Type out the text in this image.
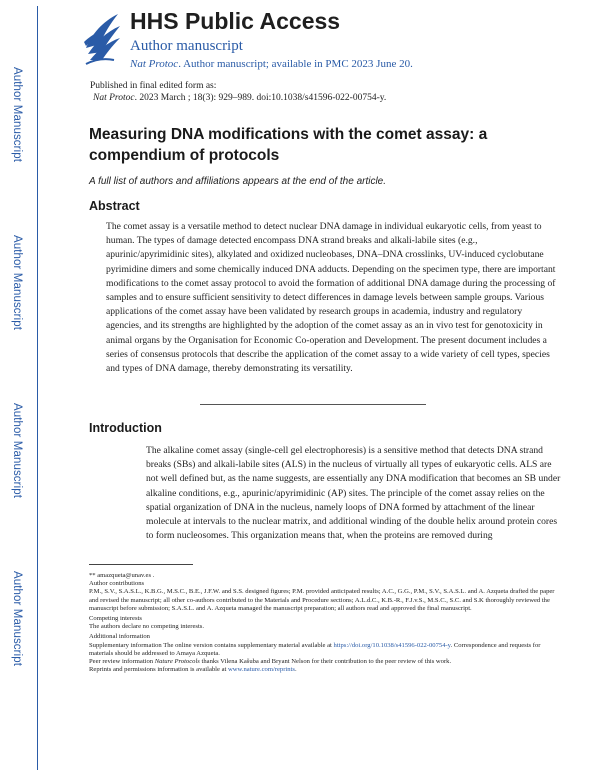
Author Manuscript
Author Manuscript
Author Manuscript
Author Manuscript
HHS Public Access
Author manuscript
Nat Protoc. Author manuscript; available in PMC 2023 June 20.
Published in final edited form as:
Nat Protoc. 2023 March ; 18(3): 929–989. doi:10.1038/s41596-022-00754-y.
Measuring DNA modifications with the comet assay: a compendium of protocols
A full list of authors and affiliations appears at the end of the article.
Abstract

The comet assay is a versatile method to detect nuclear DNA damage in individual eukaryotic cells, from yeast to human. The types of damage detected encompass DNA strand breaks and alkali-labile sites (e.g., apurinic/apyrimidinic sites), alkylated and oxidized nucleobases, DNA–DNA crosslinks, UV-induced cyclobutane pyrimidine dimers and some chemically induced DNA adducts. Depending on the specimen type, there are important modifications to the comet assay protocol to avoid the formation of additional DNA damage during the processing of samples and to ensure sufficient sensitivity to detect differences in damage levels between sample groups. Various applications of the comet assay have been validated by research groups in academia, industry and regulatory agencies, and its strengths are highlighted by the adoption of the comet assay as an in vivo test for genotoxicity in animal organs by the Organisation for Economic Co-operation and Development. The present document includes a series of consensus protocols that describe the application of the comet assay to a wide variety of cell types, species and types of DNA damage, thereby demonstrating its versatility.

Introduction

The alkaline comet assay (single-cell gel electrophoresis) is a sensitive method that detects DNA strand breaks (SBs) and alkali-labile sites (ALS) in the nucleus of virtually all types of eukaryotic cells. ALS are not well defined but, as the name suggests, are essentially any DNA modification that becomes an SB under alkaline conditions, e.g., apurinic/apyrimidinic (AP) sites. The principle of the comet assay relies on the spatial organization of DNA in the nucleus, namely loops of DNA formed by attachment of the linear molecule at intervals to the nuclear matrix, and additional winding of the double helix around protein cores to form nucleosomes. This organization means that, when the proteins are removed during

** amazqueta@unav.es .

Author contributions

P.M., S.V., S.A.S.L., K.B.G., M.S.C., B.E., J.F.W. and S.S. designed figures; P.M. provided anticipated results; A.C., G.G., P.M., S.V., S.A.S.L. and A. Azqueta drafted the paper and revised the manuscript; all other co-authors contributed to the Materials and Procedure sections; A.L.d.C., K.B.-R., F.J.v.S., M.S.C., S.C. and S.K thoroughly reviewed the manuscript before submission; S.A.S.L. and A. Azqueta managed the manuscript preparation; all authors read and approved the final manuscript.

Competing interests

The authors declare no competing interests.

Additional information

Supplementary information The online version contains supplementary material available at https://doi.org/10.1038/s41596-022-00754-y. Correspondence and requests for materials should be addressed to Amaya Azqueta.

Peer review information Nature Protocols thanks Vilena Kašuba and Bryant Nelson for their contribution to the peer review of this work.

Reprints and permissions information is available at www.nature.com/reprints.
